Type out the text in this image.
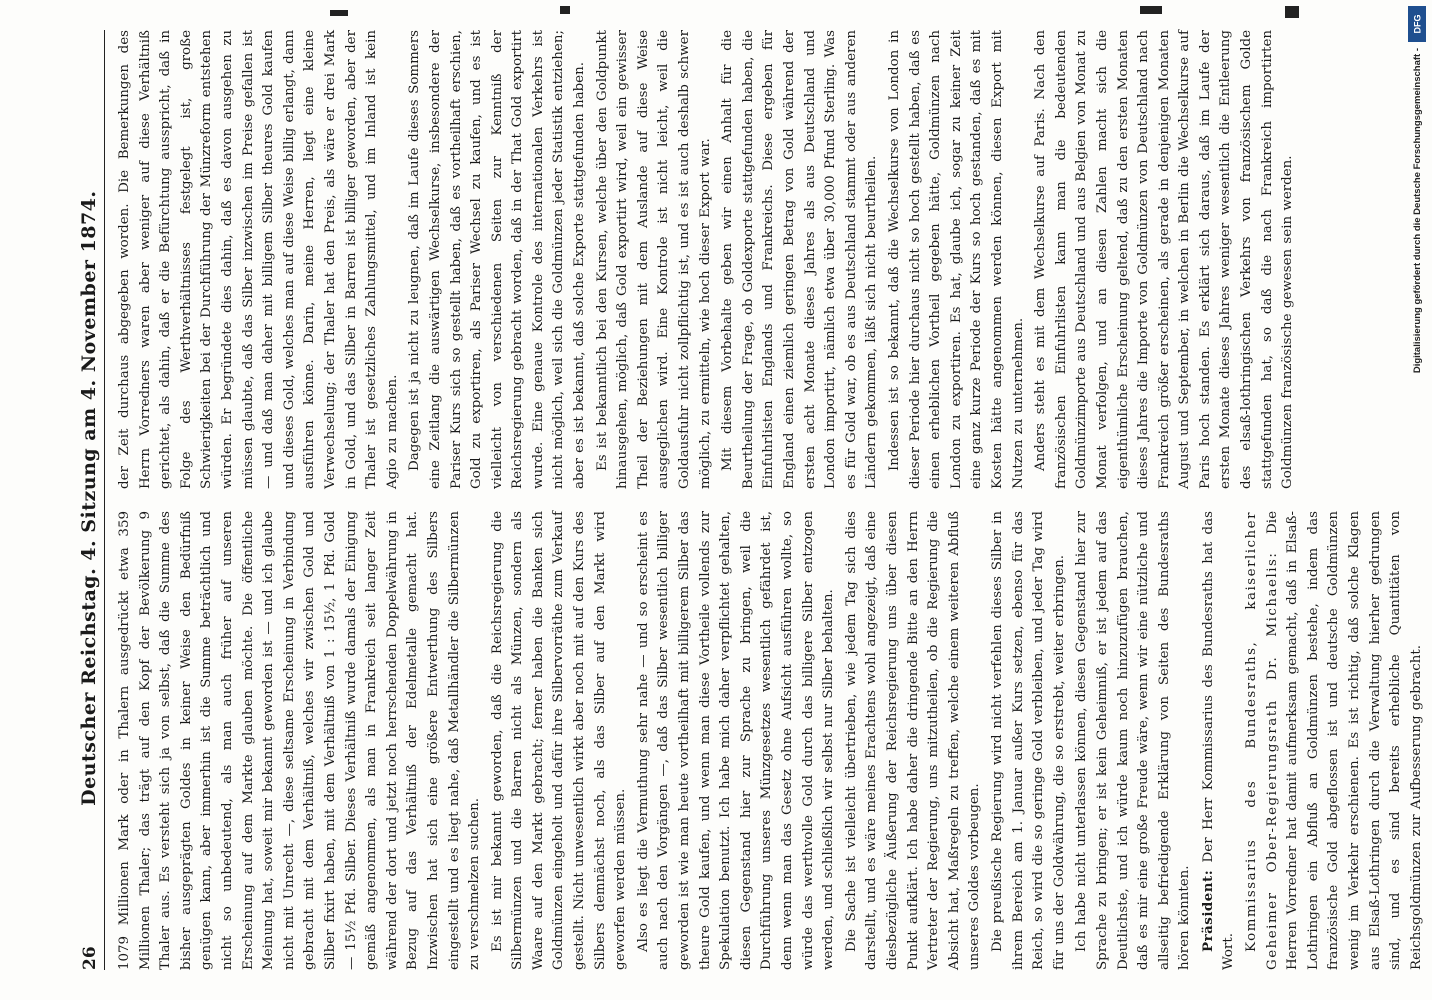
26
Deutscher Reichstag. 4. Sitzung am 4. November 1874. 1079 Millionen Mark oder in Thalern ausgedrückt etwa 359 Millionen Thaler; das trägt auf den Kopf der Bevölkerung 9 Thaler aus. Es versteht sich ja von selbst, daß die Summe des bisher ausgeprägten Goldes in keiner Weise den Bedürfniß genügen kann, aber immerhin ist die Summe beträchtlich und nicht so unbedeutend, als man auch früher auf unseren Erscheinung auf dem Markte glauben möchte. Die öffentliche Meinung hat, soweit mir bekannt geworden ist — und ich glaube nicht mit Unrecht —, diese seltsame Erscheinung in Verbindung gebracht mit dem Verhältniß, welches wir zwischen Gold und Silber fixirt haben, mit dem Verhältniß von 1 : 15½, 1 Pfd. Gold — 15½ Pfd. Silber. Dieses Verhältniß wurde damals der Einigung gemäß angenommen, als man in Frankreich seit langer Zeit während der dort und jetzt noch herrschenden Doppelwährung in Bezug auf das Verhältniß der Edelmetalle gemacht hat. Inzwischen hat sich eine größere Entwerthung des Silbers eingestellt und es liegt nahe, daß Metallhändler die Silbermünzen zu verschmelzen suchen. Es ist mir bekannt geworden, daß die Reichsregierung die Silbermünzen und die Barren nicht als Münzen, sondern als Waare auf den Markt gebracht; ferner haben die Banken sich Goldmünzen eingeholt und dafür ihre Silbervorräthe zum Verkauf gestellt. Nicht unwesentlich wirkt aber noch mit auf den Kurs des Silbers demnächst noch, als das Silber auf den Markt wird geworfen werden müssen. Also es liegt die Vermuthung sehr nahe — und so erscheint es auch nach den Vorgängen —, daß das Silber wesentlich billiger geworden ist wie man heute vortheilhaft mit billigerem Silber das theure Gold kaufen, und wenn man diese Vortheile vollends zur Spekulation benutzt. Ich habe mich daher verpflichtet gehalten, diesen Gegenstand hier zur Sprache zu bringen, weil die Durchführung unseres Münzgesetzes wesentlich gefährdet ist, denn wenn man das Gesetz ohne Aufsicht ausführen wollte, so würde das werthvolle Gold durch das billigere Silber entzogen werden, und schließlich wir selbst nur Silber behalten. Die Sache ist vielleicht übertrieben, wie jedem Tag sich dies darstellt, und es wäre meines Erachtens wohl angezeigt, daß eine diesbezügliche Äußerung der Reichsregierung uns über diesen Punkt aufklärt. Ich habe daher die dringende Bitte an den Herrn Vertreter der Regierung, uns mitzutheilen, ob die Regierung die Absicht hat, Maßregeln zu treffen, welche einem weiteren Abfluß unseres Goldes vorbeugen. Die preußische Regierung wird nicht verfehlen dieses Silber in ihrem Bereich am 1. Januar außer Kurs setzen, ebenso für das Reich, so wird die so geringe Gold verbleiben, und jeder Tag wird für uns der Goldwährung, die so erstrebt, weiter erbringen. Ich habe nicht unterlassen können, diesen Gegenstand hier zur Sprache zu bringen; er ist kein Geheimniß, er ist jedem auf das Deutlichste, und ich würde kaum noch hinzuzufügen brauchen, daß es mir eine große Freude wäre, wenn wir eine nützliche und allseitig befriedigende Erklärung von Seiten des Bundesraths hören könnten. Präsident: Der Herr Kommissarius des Bundesraths hat das Wort. Kommissarius des Bundesraths, kaiserlicher Geheimer Ober-Regierungsrath Dr. Michaelis: Die Herren Vorredner hat damit aufmerksam gemacht, daß in Elsaß-Lothringen ein Abfluß an Goldmünzen bestehe, indem das französische Gold abgeflossen ist und deutsche Goldmünzen wenig im Verkehr erschienen. Es ist richtig, daß solche Klagen aus Elsaß-Lothringen durch die Verwaltung hierher gedrungen sind, und es sind bereits erhebliche Quantitäten von Reichsgoldmünzen zur Aufbesserung gebracht.

der Zeit durchaus abgegeben worden. Die Bemerkungen des Herrn Vorredners waren aber weniger auf diese Verhältniß gerichtet, als dahin, daß er die Befürchtung ausspricht, daß in Folge des Werthverhältnisses festgelegt ist, große Schwierigkeiten bei der Durchführung der Münzreform entstehen würden. Er begründete dies dahin, daß es davon ausgehen zu müssen glaubte, daß das Silber inzwischen im Preise gefallen ist — und daß man daher mit billigem Silber theures Gold kaufen und dieses Gold, welches man auf diese Weise billig erlangt, dann ausführen könne. Darin, meine Herren, liegt eine kleine Verwechselung; der Thaler hat den Preis, als wäre er drei Mark in Gold, und das Silber in Barren ist billiger geworden, aber der Thaler ist gesetzliches Zahlungsmittel, und im Inland ist kein Agio zu machen. Dagegen ist ja nicht zu leugnen, daß im Laufe dieses Sommers eine Zeitlang die auswärtigen Wechselkurse, insbesondere der Pariser Kurs sich so gestellt haben, daß es vortheilhaft erschien, Gold zu exportiren, als Pariser Wechsel zu kaufen, und es ist vielleicht von verschiedenen Seiten zur Kenntniß der Reichsregierung gebracht worden, daß in der That Gold exportirt wurde. Eine genaue Kontrole des internationalen Verkehrs ist nicht möglich, weil sich die Goldmünzen jeder Statistik entziehen; aber es ist bekannt, daß solche Exporte stattgefunden haben. Es ist bekanntlich bei den Kursen, welche über den Goldpunkt hinausgehen, möglich, daß Gold exportirt wird, weil ein gewisser Theil der Beziehungen mit dem Auslande auf diese Weise ausgeglichen wird. Eine Kontrole ist nicht leicht, weil die Goldausfuhr nicht zollpflichtig ist, und es ist auch deshalb schwer möglich, zu ermitteln, wie hoch dieser Export war. Mit diesem Vorbehalte geben wir einen Anhalt für die Beurtheilung der Frage, ob Goldexporte stattgefunden haben, die Einfuhrlisten Englands und Frankreichs. Diese ergeben für England einen ziemlich geringen Betrag von Gold während der ersten acht Monate dieses Jahres als aus Deutschland und London importirt, nämlich etwa über 30,000 Pfund Sterling. Was es für Gold war, ob es aus Deutschland stammt oder aus anderen Ländern gekommen, läßt sich nicht beurtheilen. Indessen ist so bekannt, daß die Wechselkurse von London in dieser Periode hier durchaus nicht so hoch gestellt haben, daß es einen erheblichen Vortheil gegeben hätte, Goldmünzen nach London zu exportiren. Es hat, glaube ich, sogar zu keiner Zeit eine ganz kurze Periode der Kurs so hoch gestanden, daß es mit Kosten hätte angenommen werden können, diesen Export mit Nutzen zu unternehmen. Anders steht es mit dem Wechselkurse auf Paris. Nach den französischen Einfuhrlisten kann man die bedeutenden Goldmünzimporte aus Deutschland und aus Belgien von Monat zu Monat verfolgen, und an diesen Zahlen macht sich die eigenthümliche Erscheinung geltend, daß zu den ersten Monaten dieses Jahres die Importe von Goldmünzen von Deutschland nach Frankreich größer erscheinen, als gerade in denjenigen Monaten August und September, in welchen in Berlin die Wechselkurse auf Paris hoch standen. Es erklärt sich daraus, daß im Laufe der ersten Monate dieses Jahres weniger wesentlich die Entleerung des elsaß-lothringischen Verkehrs von französischem Golde stattgefunden hat, so daß die nach Frankreich importirten Goldmünzen französische gewesen sein werden.

DFG
Digitalisierung gefördert durch die Deutsche Forschungsgemeinschaft -
